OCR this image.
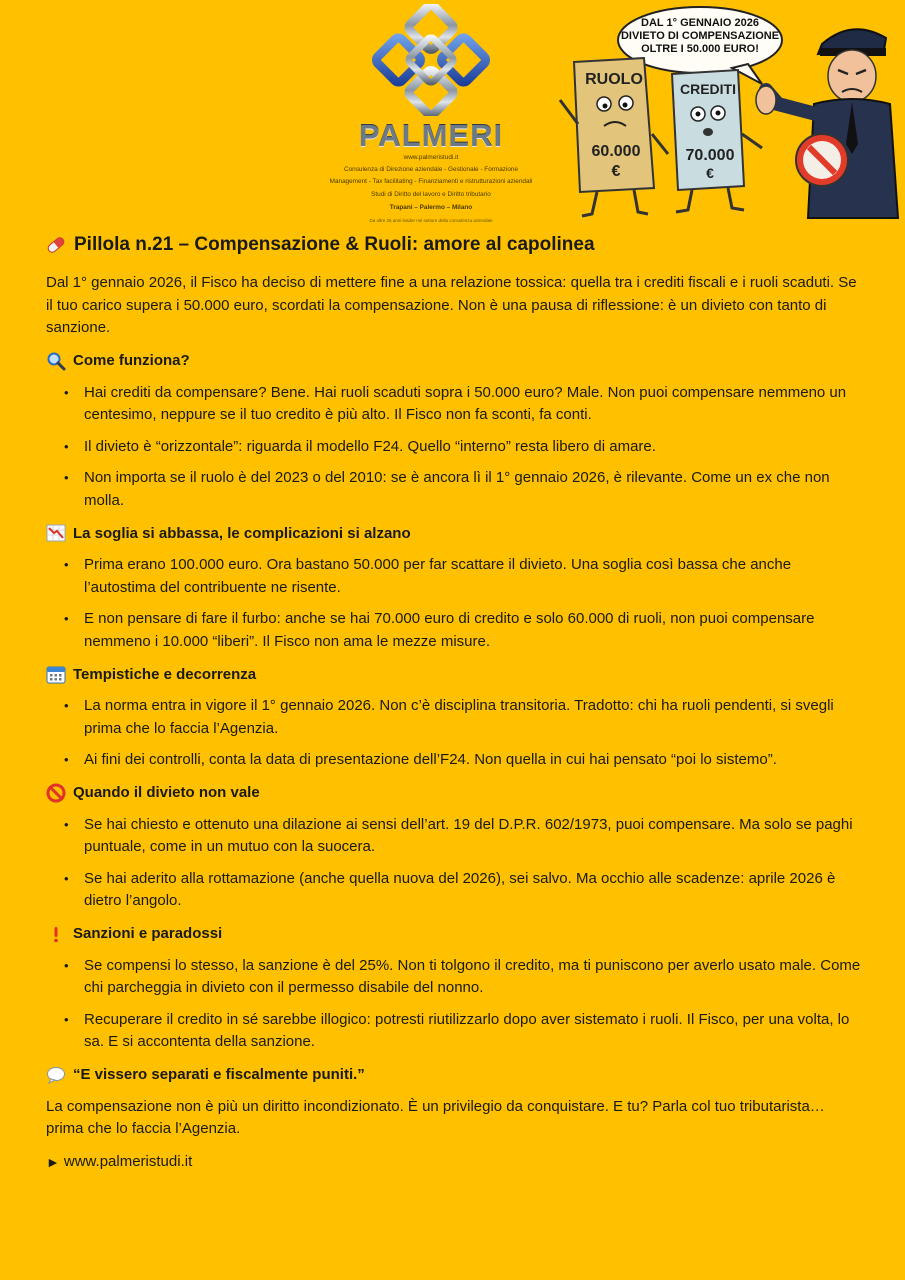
PALMERI
www.palmeristudi.it
Consulenza di Direzione aziendale - Gestionale - Formazione
Management - Tax facilitating - Finanziamenti e ristrutturazioni aziendali
Studi di Diritto del lavoro e Diritto tributario
Trapani – Palermo – Milano
Da oltre 25 anni leader nel settore della consulenza aziendale
DAL 1° GENNAIO 2026
DIVIETO DI COMPENSAZIONE
OLTRE I 50.000 EURO!
RUOLO
60.000
€
CREDITI
70.000
€
Pillola n.21 – Compensazione & Ruoli: amore al capolinea

Dal 1° gennaio 2026, il Fisco ha deciso di mettere fine a una relazione tossica: quella tra i crediti fiscali e i ruoli scaduti. Se il tuo carico supera i 50.000 euro, scordati la compensazione. Non è una pausa di riflessione: è un divieto con tanto di sanzione.

Come funziona?
• Hai crediti da compensare? Bene. Hai ruoli scaduti sopra i 50.000 euro? Male. Non puoi compensare nemmeno un centesimo, neppure se il tuo credito è più alto. Il Fisco non fa sconti, fa conti.
• Il divieto è “orizzontale”: riguarda il modello F24. Quello “interno” resta libero di amare.
• Non importa se il ruolo è del 2023 o del 2010: se è ancora lì il 1° gennaio 2026, è rilevante. Come un ex che non molla.
La soglia si abbassa, le complicazioni si alzano
• Prima erano 100.000 euro. Ora bastano 50.000 per far scattare il divieto. Una soglia così bassa che anche l’autostima del contribuente ne risente.
• E non pensare di fare il furbo: anche se hai 70.000 euro di credito e solo 60.000 di ruoli, non puoi compensare nemmeno i 10.000 “liberi”. Il Fisco non ama le mezze misure.
Tempistiche e decorrenza
• La norma entra in vigore il 1° gennaio 2026. Non c’è disciplina transitoria. Tradotto: chi ha ruoli pendenti, si svegli prima che lo faccia l’Agenzia.
• Ai fini dei controlli, conta la data di presentazione dell’F24. Non quella in cui hai pensato “poi lo sistemo”.
Quando il divieto non vale
• Se hai chiesto e ottenuto una dilazione ai sensi dell’art. 19 del D.P.R. 602/1973, puoi compensare. Ma solo se paghi puntuale, come in un mutuo con la suocera.
• Se hai aderito alla rottamazione (anche quella nuova del 2026), sei salvo. Ma occhio alle scadenze: aprile 2026 è dietro l’angolo.
Sanzioni e paradossi
• Se compensi lo stesso, la sanzione è del 25%. Non ti tolgono il credito, ma ti puniscono per averlo usato male. Come chi parcheggia in divieto con il permesso disabile del nonno.
• Recuperare il credito in sé sarebbe illogico: potresti riutilizzarlo dopo aver sistemato i ruoli. Il Fisco, per una volta, lo sa. E si accontenta della sanzione.
“E vissero separati e fiscalmente puniti.”

La compensazione non è più un diritto incondizionato. È un privilegio da conquistare. E tu? Parla col tuo tributarista… prima che lo faccia l’Agenzia.

► www.palmeristudi.it
